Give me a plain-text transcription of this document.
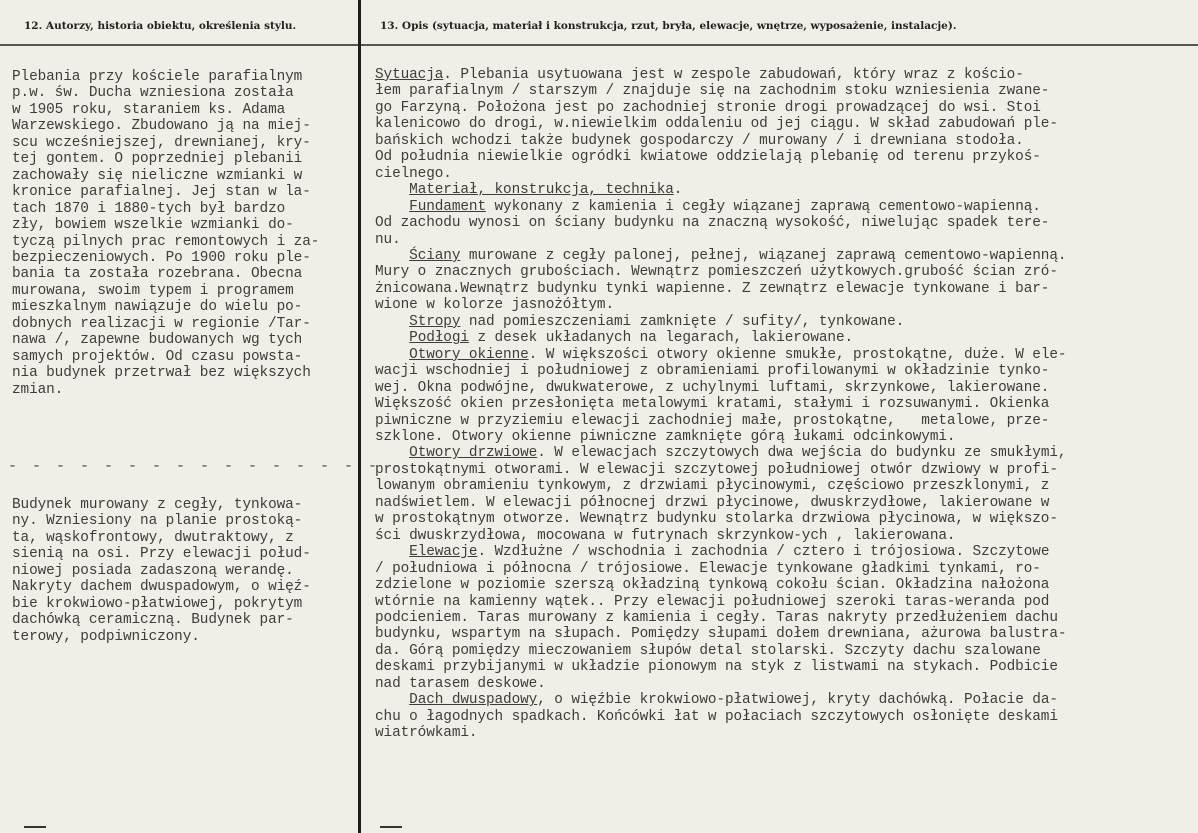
12. Autorzy, historia obiektu, określenia stylu.	13. Opis (sytuacja, materiał i konstrukcja, rzut, bryła, elewacje, wnętrze, wyposażenie, instalacje).
Plebania przy kościele parafialnym
p.w. św. Ducha wzniesiona została
w 1905 roku, staraniem ks. Adama
Warzewskiego. Zbudowano ją na miej-
scu wcześniejszej, drewnianej, kry-
tej gontem. O poprzedniej plebanii
zachowały się nieliczne wzmianki w
kronice parafialnej. Jej stan w la-
tach 1870 i 1880-tych był bardzo
zły, bowiem wszelkie wzmianki do-
tyczą pilnych prac remontowych i za-
bezpieczeniowych. Po 1900 roku ple-
bania ta została rozebrana. Obecna
murowana, swoim typem i programem
mieszkalnym nawiązuje do wielu po-
dobnych realizacji w regionie /Tar-
nawa /, zapewne budowanych wg tych
samych projektów. Od czasu powsta-
nia budynek przetrwał bez większych
zmian.
- - - - - - - - - - - - - - - - - -
Budynek murowany z cegły, tynkowa-
ny. Wzniesiony na planie prostoką-
ta, wąskofrontowy, dwutraktowy, z
sienią na osi. Przy elewacji połud-
niowej posiada zadaszoną werandę.
Nakryty dachem dwuspadowym, o więź-
bie krokwiowo-płatwiowej, pokrytym
dachówką ceramiczną. Budynek par-
terowy, podpiwniczony.
Sytuacja. Plebania usytuowana jest w zespole zabudowań, który wraz z kościo-
łem parafialnym / starszym / znajduje się na zachodnim stoku wzniesienia zwane-
go Farzyną. Położona jest po zachodniej stronie drogi prowadzącej do wsi. Stoi
kalenicowo do drogi, w.niewielkim oddaleniu od jej ciągu. W skład zabudowań ple-
bańskich wchodzi także budynek gospodarczy / murowany / i drewniana stodoła.
Od południa niewielkie ogródki kwiatowe oddzielają plebanię od terenu przykoś-
cielnego.
Materiał, konstrukcja, technika.
Fundament wykonany z kamienia i cegły wiązanej zaprawą cementowo-wapienną.
Od zachodu wynosi on ściany budynku na znaczną wysokość, niwelując spadek tere-
nu.
Ściany murowane z cegły palonej, pełnej, wiązanej zaprawą cementowo-wapienną.
Mury o znacznych grubościach. Wewnątrz pomieszczeń użytkowych.grubość ścian zró-
żnicowana.Wewnątrz budynku tynki wapienne. Z zewnątrz elewacje tynkowane i bar-
wione w kolorze jasnożółtym.
Stropy nad pomieszczeniami zamknięte / sufity/, tynkowane.
Podłogi z desek układanych na legarach, lakierowane.
Otwory okienne. W większości otwory okienne smukłe, prostokątne, duże. W ele-
wacji wschodniej i południowej z obramieniami profilowanymi w okładzinie tynko-
wej. Okna podwójne, dwukwaterowe, z uchylnymi luftami, skrzynkowe, lakierowane.
Większość okien przesłonięta metalowymi kratami, stałymi i rozsuwanymi. Okienka
piwniczne w przyziemiu elewacji zachodniej małe, prostokątne,   metalowe, prze-
szklone. Otwory okienne piwniczne zamknięte górą łukami odcinkowymi.
Otwory drzwiowe. W elewacjach szczytowych dwa wejścia do budynku ze smukłymi,
prostokątnymi otworami. W elewacji szczytowej południowej otwór dzwiowy w profi-
lowanym obramieniu tynkowym, z drzwiami płycinowymi, częściowo przeszklonymi, z
nadświetlem. W elewacji północnej drzwi płycinowe, dwuskrzydłowe, lakierowane w
w prostokątnym otworze. Wewnątrz budynku stolarka drzwiowa płycinowa, w większo-
ści dwuskrzydłowa, mocowana w futrynach skrzynkow-ych , lakierowana.
Elewacje. Wzdłużne / wschodnia i zachodnia / cztero i trójosiowa. Szczytowe
/ południowa i północna / trójosiowe. Elewacje tynkowane gładkimi tynkami, ro-
zdzielone w poziomie szerszą okładziną tynkową cokołu ścian. Okładzina nałożona
wtórnie na kamienny wątek.. Przy elewacji południowej szeroki taras-weranda pod
podcieniem. Taras murowany z kamienia i cegły. Taras nakryty przedłużeniem dachu
budynku, wspartym na słupach. Pomiędzy słupami dołem drewniana, ażurowa balustra-
da. Górą pomiędzy mieczowaniem słupów detal stolarski. Szczyty dachu szalowane
deskami przybijanymi w układzie pionowym na styk z listwami na stykach. Podbicie
nad tarasem deskowe.
Dach dwuspadowy, o więźbie krokwiowo-płatwiowej, kryty dachówką. Połacie da-
chu o łagodnych spadkach. Końcówki łat w połaciach szczytowych osłonięte deskami
wiatrówkami.
